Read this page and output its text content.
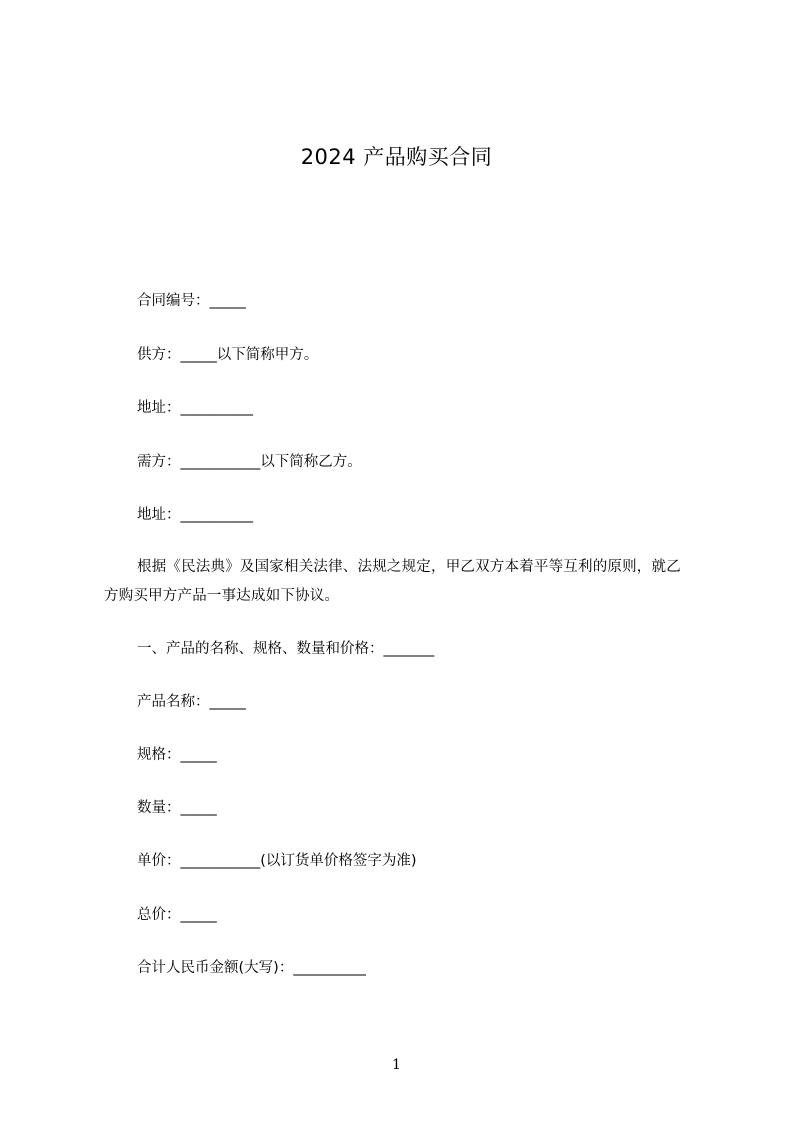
2024 产品购买合同
合同编号：_____
供方：_____以下简称甲方。
地址：__________
需方：___________以下简称乙方。
地址：__________
根据《民法典》及国家相关法律、法规之规定，甲乙双方本着平等互利的原则，就乙方购买甲方产品一事达成如下协议。
一、产品的名称、规格、数量和价格：_______
产品名称：_____
规格：_____
数量：_____
单价：___________(以订货单价格签字为准)
总价：_____
合计人民币金额(大写)：__________
1
